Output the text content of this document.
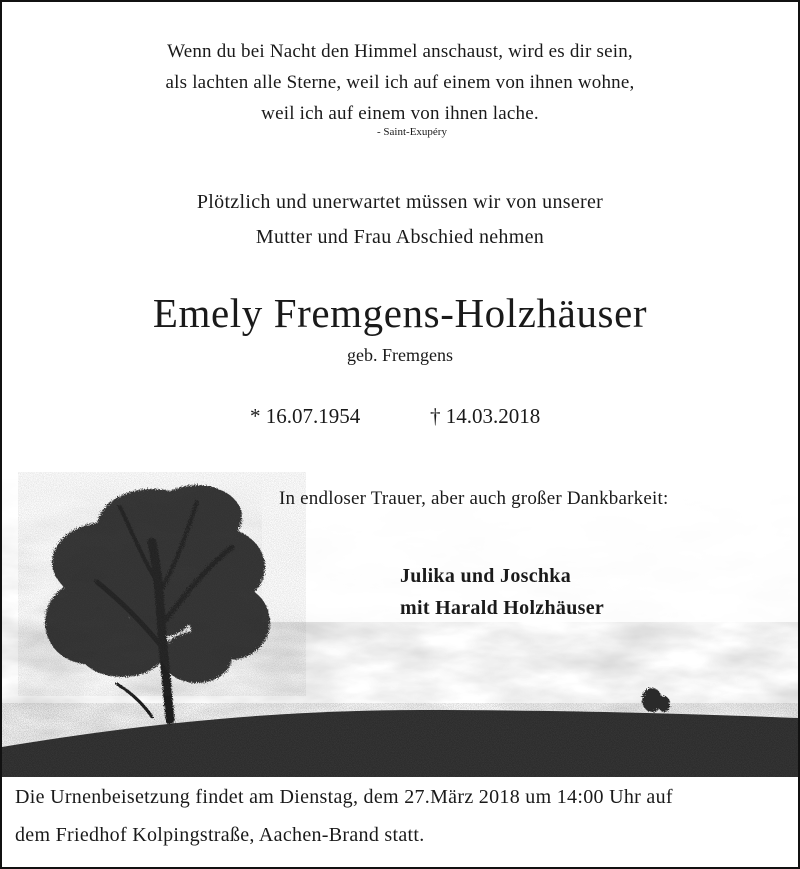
Wenn du bei Nacht den Himmel anschaust, wird es dir sein,
als lachten alle Sterne, weil ich auf einem von ihnen wohne,
weil ich auf einem von ihnen lache.
- Saint-Exupéry
Plötzlich und unerwartet müssen wir von unserer
Mutter und Frau Abschied nehmen
Emely Fremgens-Holzhäuser
geb. Fremgens
* 16.07.1954	† 14.03.2018
In endloser Trauer, aber auch großer Dankbarkeit:
Julika und Joschka
mit Harald Holzhäuser
Die Urnenbeisetzung findet am Dienstag, dem 27.März 2018 um 14:00 Uhr auf
dem Friedhof Kolpingstraße, Aachen-Brand statt.
